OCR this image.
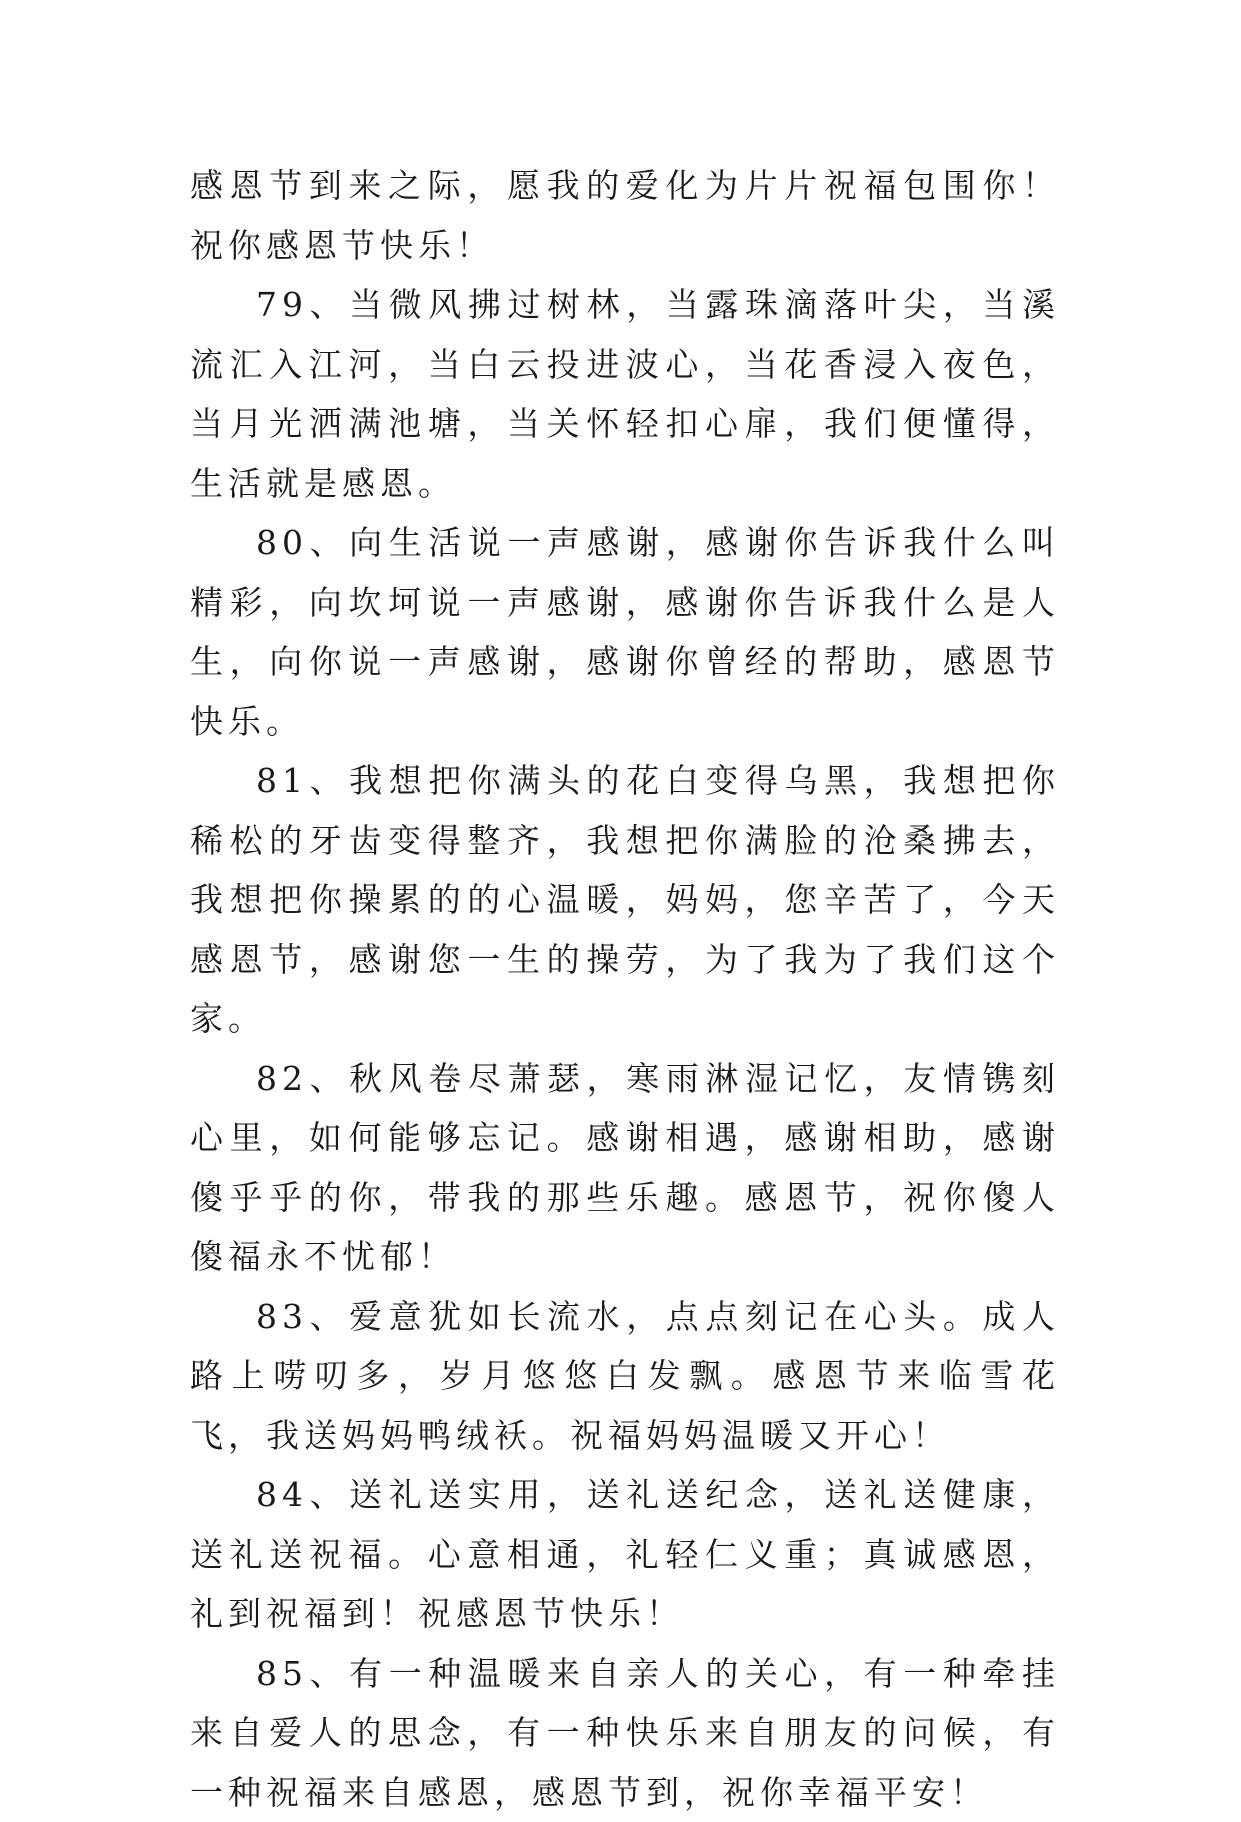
感恩节到来之际，愿我的爱化为片片祝福包围你！祝你感恩节快乐！

79、当微风拂过树林，当露珠滴落叶尖，当溪流汇入江河，当白云投进波心，当花香浸入夜色，当月光洒满池塘，当关怀轻扣心扉，我们便懂得，生活就是感恩。

80、向生活说一声感谢，感谢你告诉我什么叫精彩，向坎坷说一声感谢，感谢你告诉我什么是人生，向你说一声感谢，感谢你曾经的帮助，感恩节快乐。

81、我想把你满头的花白变得乌黑，我想把你稀松的牙齿变得整齐，我想把你满脸的沧桑拂去，我想把你操累的的心温暖，妈妈，您辛苦了，今天感恩节，感谢您一生的操劳，为了我为了我们这个家。

82、秋风卷尽萧瑟，寒雨淋湿记忆，友情镌刻心里，如何能够忘记。感谢相遇，感谢相助，感谢傻乎乎的你，带我的那些乐趣。感恩节，祝你傻人傻福永不忧郁！

83、爱意犹如长流水，点点刻记在心头。成人路上唠叨多，岁月悠悠白发飘。感恩节来临雪花飞，我送妈妈鸭绒袄。祝福妈妈温暖又开心！

84、送礼送实用，送礼送纪念，送礼送健康，送礼送祝福。心意相通，礼轻仁义重；真诚感恩，礼到祝福到！祝感恩节快乐！

85、有一种温暖来自亲人的关心，有一种牵挂来自爱人的思念，有一种快乐来自朋友的问候，有一种祝福来自感恩，感恩节到，祝你幸福平安！
